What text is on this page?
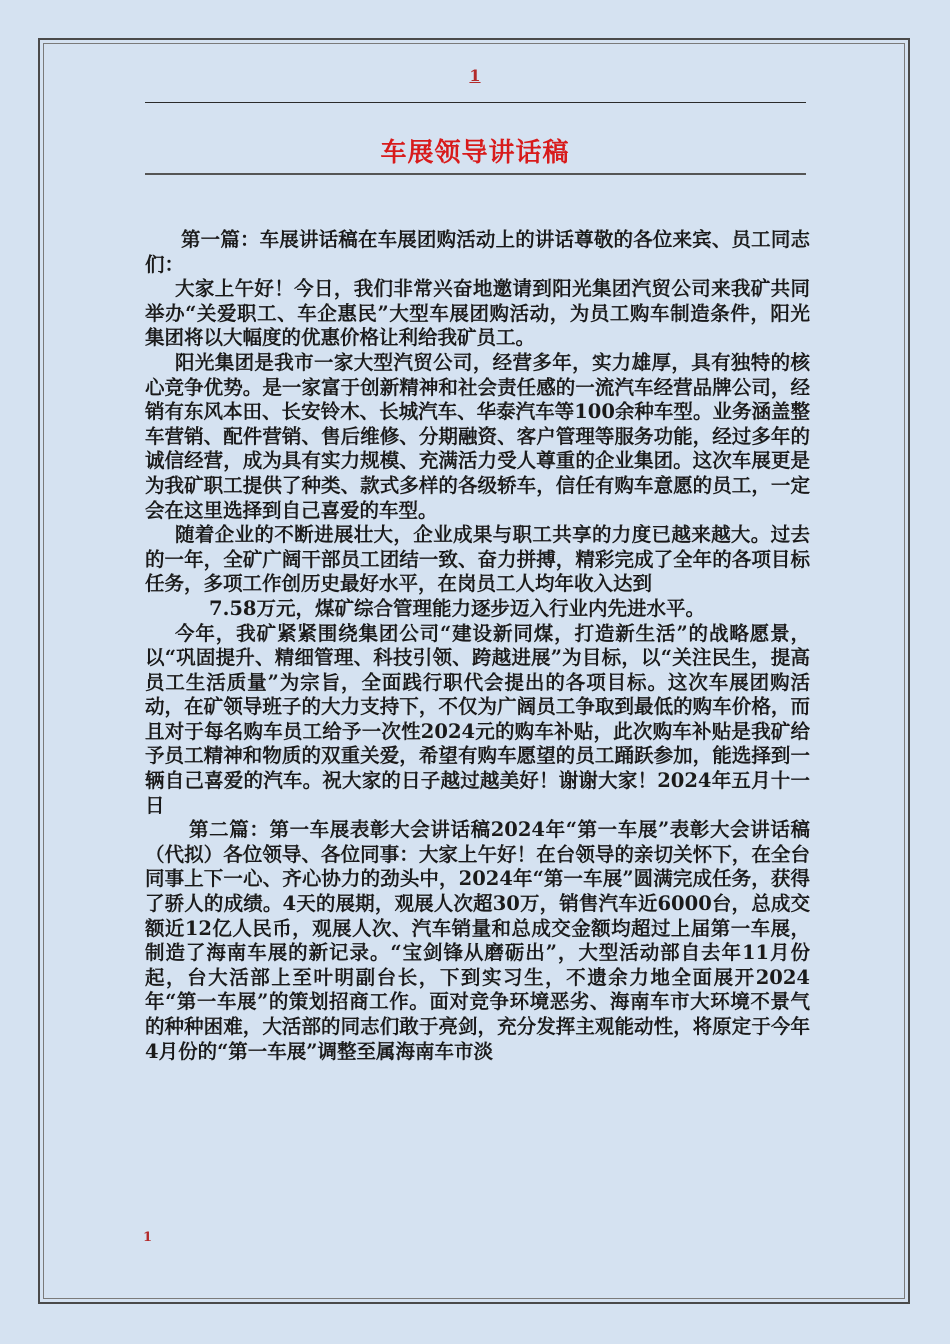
1
车展领导讲话稿

第一篇：车展讲话稿在车展团购活动上的讲话尊敬的各位来宾、员工同志们：

大家上午好！今日，我们非常兴奋地邀请到阳光集团汽贸公司来我矿共同举办“关爱职工、车企惠民”大型车展团购活动，为员工购车制造条件，阳光集团将以大幅度的优惠价格让利给我矿员工。

阳光集团是我市一家大型汽贸公司，经营多年，实力雄厚，具有独特的核心竞争优势。是一家富于创新精神和社会责任感的一流汽车经营品牌公司，经销有东风本田、长安铃木、长城汽车、华泰汽车等100余种车型。业务涵盖整车营销、配件营销、售后维修、分期融资、客户管理等服务功能，经过多年的诚信经营，成为具有实力规模、充满活力受人尊重的企业集团。这次车展更是为我矿职工提供了种类、款式多样的各级轿车，信任有购车意愿的员工，一定会在这里选择到自己喜爱的车型。

随着企业的不断进展壮大，企业成果与职工共享的力度已越来越大。过去的一年，全矿广阔干部员工团结一致、奋力拼搏，精彩完成了全年的各项目标任务，多项工作创历史最好水平，在岗员工人均年收入达到

7.58万元，煤矿综合管理能力逐步迈入行业内先进水平。

今年，我矿紧紧围绕集团公司“建设新同煤，打造新生活”的战略愿景，以“巩固提升、精细管理、科技引领、跨越进展”为目标，以“关注民生，提高员工生活质量”为宗旨，全面践行职代会提出的各项目标。这次车展团购活动，在矿领导班子的大力支持下，不仅为广阔员工争取到最低的购车价格，而且对于每名购车员工给予一次性2024元的购车补贴，此次购车补贴是我矿给予员工精神和物质的双重关爱，希望有购车愿望的员工踊跃参加，能选择到一辆自己喜爱的汽车。祝大家的日子越过越美好！谢谢大家！2024年五月十一日

第二篇：第一车展表彰大会讲话稿2024年“第一车展”表彰大会讲话稿（代拟）各位领导、各位同事：大家上午好！在台领导的亲切关怀下，在全台同事上下一心、齐心协力的劲头中，2024年“第一车展”圆满完成任务，获得了骄人的成绩。4天的展期，观展人次超30万，销售汽车近6000台，总成交额近12亿人民币，观展人次、汽车销量和总成交金额均超过上届第一车展，制造了海南车展的新记录。“宝剑锋从磨砺出”，大型活动部自去年11月份起，台大活部上至叶明副台长，下到实习生，不遗余力地全面展开2024年“第一车展”的策划招商工作。面对竞争环境恶劣、海南车市大环境不景气的种种困难，大活部的同志们敢于亮剑，充分发挥主观能动性，将原定于今年4月份的“第一车展”调整至属海南车市淡

1
